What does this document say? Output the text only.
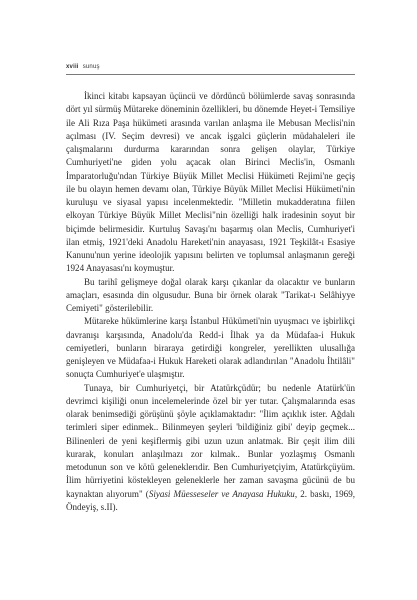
xviii sunuş

İkinci kitabı kapsayan üçüncü ve dördüncü bölümlerde savaş sonrasında dört yıl sürmüş Mütareke döneminin özellikleri, bu dönemde Heyet-i Temsiliye ile Ali Rıza Paşa hükümeti arasında varılan anlaşma ile Mebusan Meclisi'nin açılması (IV. Seçim devresi) ve ancak işgalci güçlerin müdahaleleri ile çalışmalarını durdurma kararından sonra gelişen olaylar, Türkiye Cumhuriyeti'ne giden yolu açacak olan Birinci Meclis'in, Osmanlı İmparatorluğu'ndan Türkiye Büyük Millet Meclisi Hükümeti Rejimi'ne geçiş ile bu olayın hemen devamı olan, Türkiye Büyük Millet Meclisi Hükümeti'nin kuruluşu ve siyasal yapısı incelenmektedir. "Milletin mukadderatına fiilen elkoyan Türkiye Büyük Millet Meclisi"nin özelliği halk iradesinin soyut bir biçimde belirmesidir. Kurtuluş Savaşı'nı başarmış olan Meclis, Cumhuriyet'i ilan etmiş, 1921'deki Anadolu Hareketi'nin anayasası, 1921 Teşkilât-ı Esasiye Kanunu'nun yerine ideolojik yapısını belirten ve toplumsal anlaşmanın gereği 1924 Anayasası'nı koymuştur.

Bu tarihî gelişmeye doğal olarak karşı çıkanlar da olacaktır ve bunların amaçları, esasında din olgusudur. Buna bir örnek olarak "Tarikat-ı Selâhiyye Cemiyeti" gösterilebilir.

Mütareke hükümlerine karşı İstanbul Hükümeti'nin uyuşmacı ve işbirlikçi davranışı karşısında, Anadolu'da Redd-i İlhak ya da Müdafaa-i Hukuk cemiyetleri, bunların biraraya getirdiği kongreler, yerellikten ulusallığa genişleyen ve Müdafaa-i Hukuk Hareketi olarak adlandırılan "Anadolu İhtilâli" sonuçta Cumhuriyet'e ulaşmıştır.

Tunaya, bir Cumhuriyetçi, bir Atatürkçüdür; bu nedenle Atatürk'ün devrimci kişiliği onun incelemelerinde özel bir yer tutar. Çalışmalarında esas olarak benimsediği görüşünü şöyle açıklamaktadır: "İlim açıklık ister. Ağdalı terimleri siper edinmek.. Bilinmeyen şeyleri 'bildiğiniz gibi' deyip geçmek... Bilinenleri de yeni keşiflermiş gibi uzun uzun anlatmak. Bir çeşit ilim dili kurarak, konuları anlaşılmazı zor kılmak.. Bunlar yozlaşmış Osmanlı metodunun son ve kötü geleneklerıdir. Ben Cumhuriyetçiyim, Atatürkçüyüm. İlim hürriyetini köstekleyen geleneklerle her zaman savaşma gücünü de bu kaynaktan alıyorum" (Siyasi Müesseseler ve Anayasa Hukuku, 2. baskı, 1969, Öndeyiş, s.II).
